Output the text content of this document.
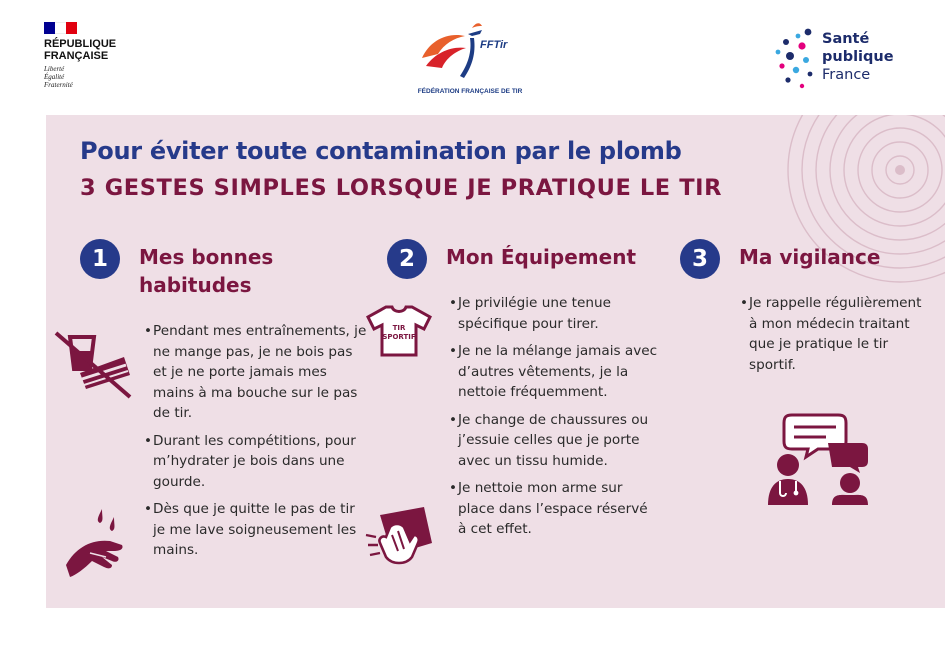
RÉPUBLIQUE
FRANÇAISE
Liberté
Égalité
Fraternité
FFTir
FÉDÉRATION FRANÇAISE DE TIR
Santé
publique
France
Pour éviter toute contamination par le plomb
3 GESTES SIMPLES LORSQUE JE PRATIQUE LE TIR
1	Mes bonnes
habitudes
• Pendant mes entraînements, je ne mange pas, je ne bois pas et je ne porte jamais mes mains à ma bouche sur le pas de tir.
• Durant les compétitions, pour m’hydrater je bois dans une gourde.
• Dès que je quitte le pas de tir je me lave soigneusement les mains.
2	Mon Équipement
TIR
SPORTIF
• Je privilégie une tenue spécifique pour tirer.
• Je ne la mélange jamais avec d’autres vêtements, je la nettoie fréquemment.
• Je change de chaussures ou j’essuie celles que je porte avec un tissu humide.
• Je nettoie mon arme sur place dans l’espace réservé à cet effet.
3	Ma vigilance
• Je rappelle régulièrement à mon médecin traitant que je pratique le tir sportif.
